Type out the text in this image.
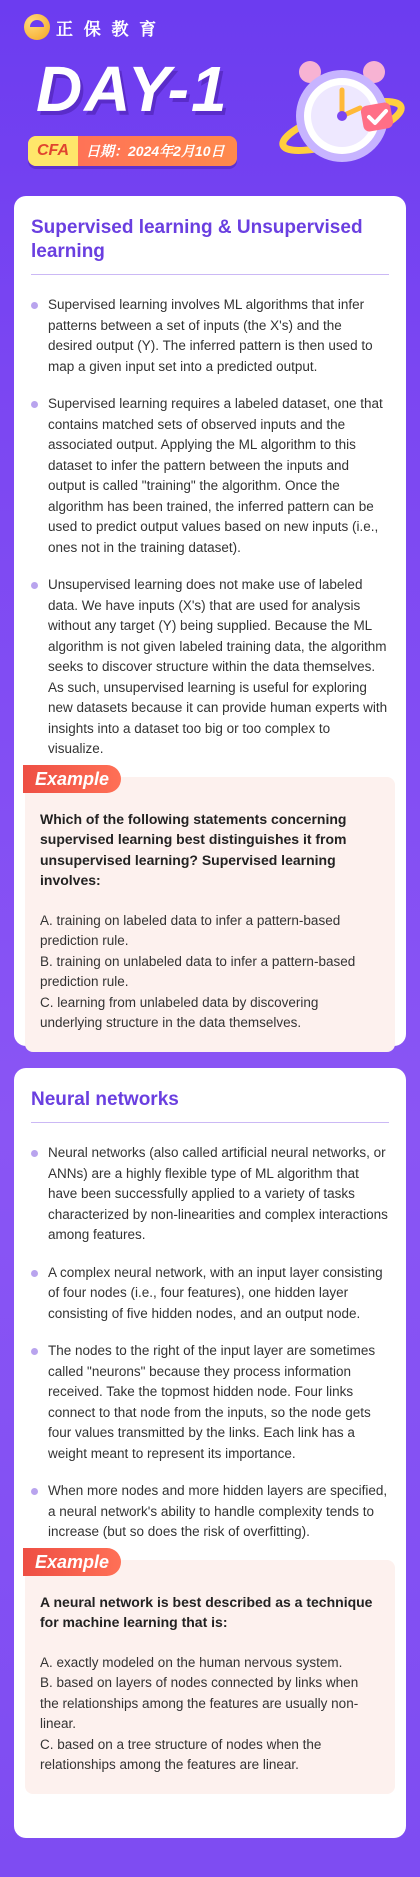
正 保 教 育
DAY-1
CFA	日期：2024年2月10日
Supervised learning & Unsupervised learning
Supervised learning involves ML algorithms that infer patterns between a set of inputs (the X's) and the desired output (Y). The inferred pattern is then used to map a given input set into a predicted output.
Supervised learning requires a labeled dataset, one that contains matched sets of observed inputs and the associated output. Applying the ML algorithm to this dataset to infer the pattern between the inputs and output is called "training" the algorithm. Once the algorithm has been trained, the inferred pattern can be used to predict output values based on new inputs (i.e., ones not in the training dataset).
Unsupervised learning does not make use of labeled data. We have inputs (X's) that are used for analysis without any target (Y) being supplied. Because the ML algorithm is not given labeled training data, the algorithm seeks to discover structure within the data themselves. As such, unsupervised learning is useful for exploring new datasets because it can provide human experts with insights into a dataset too big or too complex to visualize.
Example
Which of the following statements concerning supervised learning best distinguishes it from unsupervised learning? Supervised learning involves:
A. training on labeled data to infer a pattern-based prediction rule.
B. training on unlabeled data to infer a pattern-based prediction rule.
C. learning from unlabeled data by discovering underlying structure in the data themselves.
Neural networks
Neural networks (also called artificial neural networks, or ANNs) are a highly flexible type of ML algorithm that have been successfully applied to a variety of tasks characterized by non-linearities and complex interactions among features.
A complex neural network, with an input layer consisting of four nodes (i.e., four features), one hidden layer consisting of five hidden nodes, and an output node.
The nodes to the right of the input layer are sometimes called "neurons" because they process information received. Take the topmost hidden node. Four links connect to that node from the inputs, so the node gets four values transmitted by the links. Each link has a weight meant to represent its importance.
When more nodes and more hidden layers are specified, a neural network's ability to handle complexity tends to increase (but so does the risk of overfitting).
Example
A neural network is best described as a technique for machine learning that is:
A. exactly modeled on the human nervous system.
B. based on layers of nodes connected by links when the relationships among the features are usually non-linear.
C. based on a tree structure of nodes when the relationships among the features are linear.
